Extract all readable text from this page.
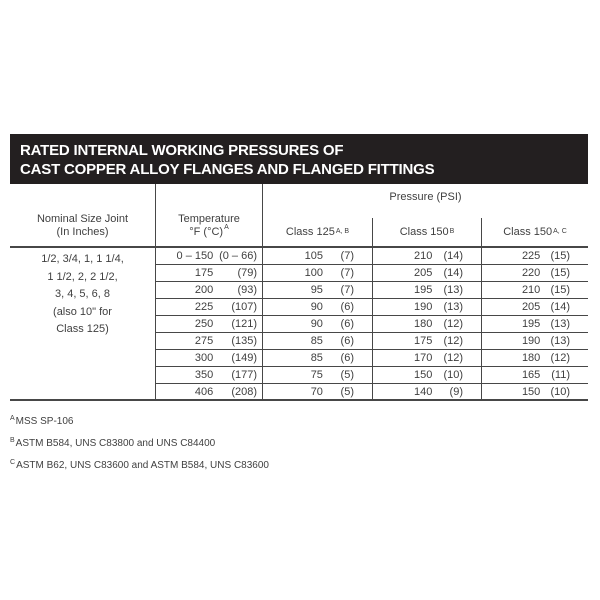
RATED INTERNAL WORKING PRESSURES OF
CAST COPPER ALLOY FLANGES AND FLANGED FITTINGS
Nominal Size Joint
(In Inches)
Temperature
°F $(^\circ C)^A$
Pressure (PSI)
Class 125 A, B	Class 150 B	Class 150 A, C
1/2, 3/4, 1, 1 1/4,
1 1/2, 2, 2 1/2,
3, 4, 5, 6, 8
(also 10" for
Class 125)
0 – 150 (0 – 66)	105	(7)	210	(14)	225 (15)
175	(79)	100	(7)	205	(14)	220 (15)
200	(93)	95	(7)	195	(13)	210 (15)
225	(107)	90	(6)	190	(13)	205 (14)
250	(121)	90	(6)	180	(12)	195 (13)
275	(135)	85	(6)	175	(12)	190 (13)
300	(149)	85	(6)	170	(12)	180 (12)
350	(177)	75	(5)	150	(10)	165 (11)
406	(208)	70	(5)	140	(9)	150 (10)
$^A$MSS SP-106
$^B$ASTM B584, UNS C83800 and UNS C84400
$^C$ASTM B62, UNS C83600 and ASTM B584, UNS C83600
